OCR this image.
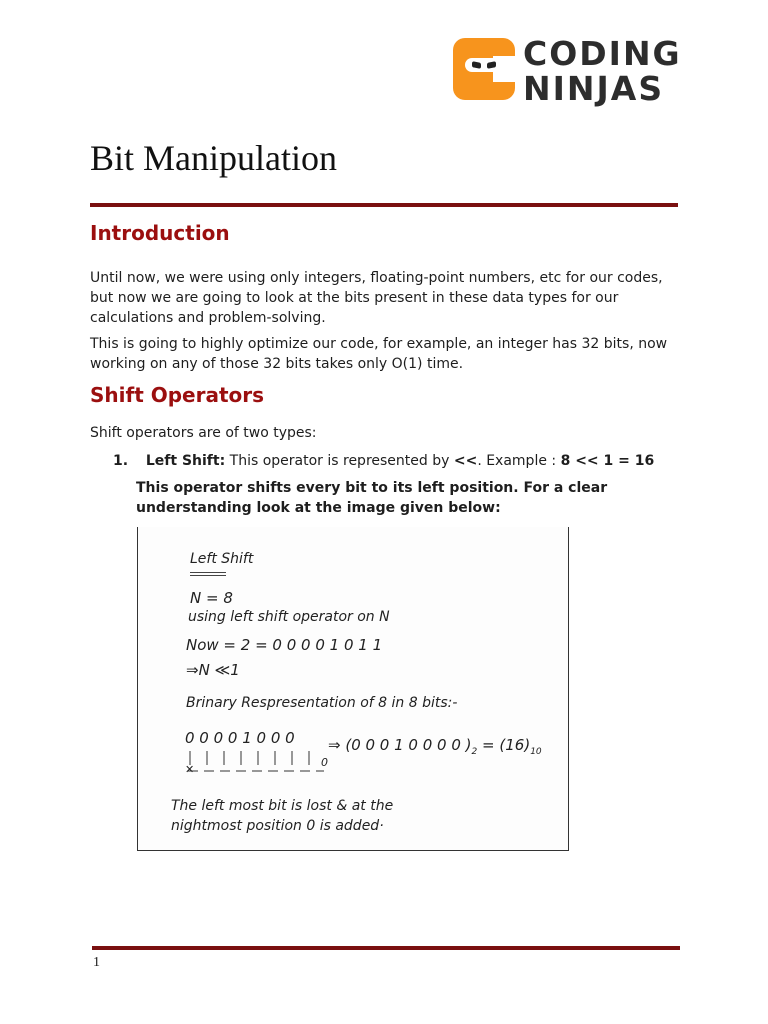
CODING
NINJAS
Bit Manipulation
Introduction
Until now, we were using only integers, floating-point numbers, etc for our codes, but now we are going to look at the bits present in these data types for our calculations and problem-solving.
This is going to highly optimize our code, for example, an integer has 32 bits, now working on any of those 32 bits takes only O(1) time.
Shift Operators
Shift operators are of two types:
1. Left Shift: This operator is represented by <<. Example : 8 << 1 = 16
This operator shifts every bit to its left position. For a clear understanding look at the image given below:
Left Shift
N = 8
using left shift operator on N
Now = 2 = 0 0 0 0 1 0 1 1
⇒N ≪1
Brinary Respresentation of 8 in 8 bits:-
0 0 0 0 1 0 0 0 ⇒ (0 0 0 1 0 0 0 0 )$_2 = (16)_{10}$
✕
0
The left most bit is lost & at the
nightmost position 0 is added·
1
